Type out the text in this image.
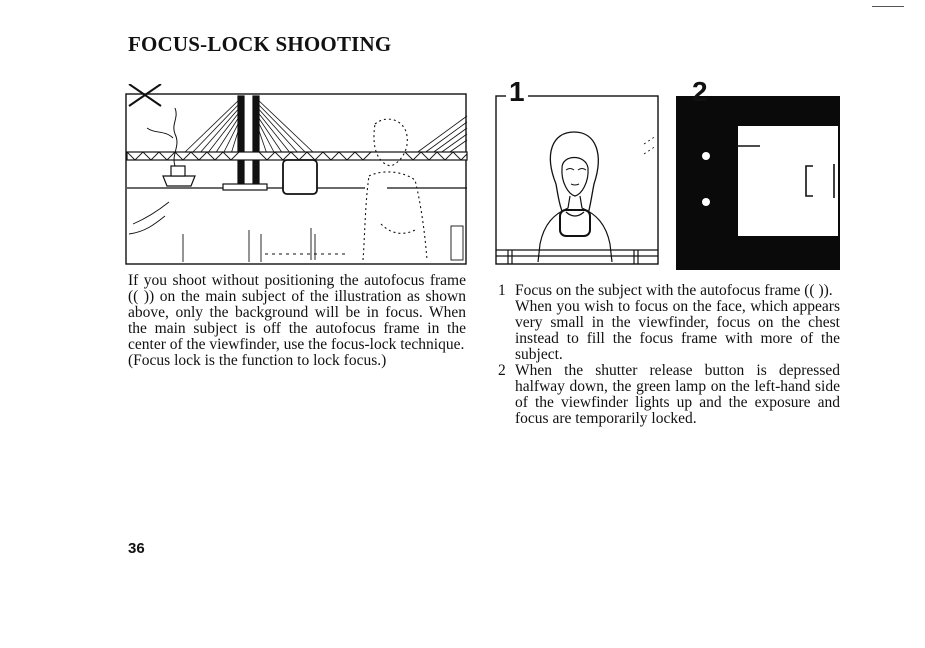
FOCUS-LOCK SHOOTING
1	2

If you shoot without positioning the autofocus frame (( )) on the main subject of the illustration as shown above, only the background will be in focus. When the main subject is off the autofocus frame in the center of the viewfinder, use the focus-lock technique.

(Focus lock is the function to lock focus.)

1 Focus on the subject with the autofocus frame (( )).

When you wish to focus on the face, which appears very small in the viewfinder, focus on the chest instead to fill the focus frame with more of the subject.

2 When the shutter release button is depressed halfway down, the green lamp on the left-hand side of the viewfinder lights up and the exposure and focus are temporarily locked.

36
